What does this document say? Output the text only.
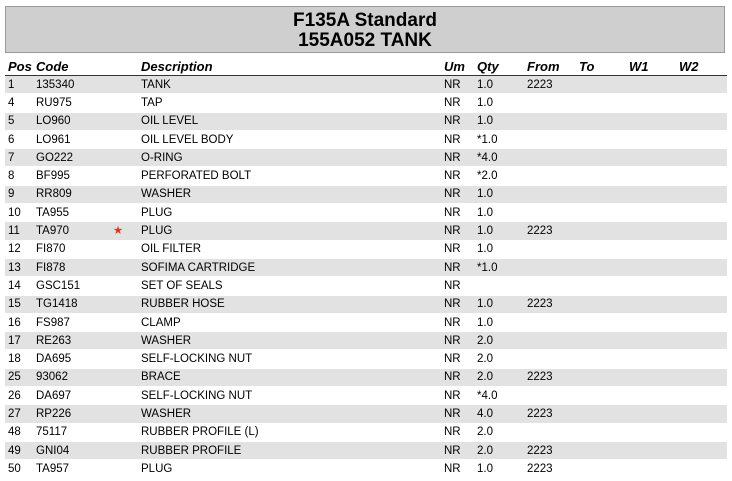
F135A Standard
155A052 TANK
Pos	Code		Description	Um	Qty	From	To	W1	W2
1	135340		TANK	NR	1.0	2223			
4	RU975		TAP	NR	1.0				
5	LO960		OIL LEVEL	NR	1.0				
6	LO961		OIL LEVEL BODY	NR	*1.0				
7	GO222		O-RING	NR	*4.0				
8	BF995		PERFORATED BOLT	NR	*2.0				
9	RR809		WASHER	NR	1.0				
10	TA955		PLUG	NR	1.0				
11	TA970	★	PLUG	NR	1.0	2223			
12	FI870		OIL FILTER	NR	1.0				
13	FI878		SOFIMA CARTRIDGE	NR	*1.0				
14	GSC151		SET OF SEALS	NR					
15	TG1418		RUBBER HOSE	NR	1.0	2223			
16	FS987		CLAMP	NR	1.0				
17	RE263		WASHER	NR	2.0				
18	DA695		SELF-LOCKING NUT	NR	2.0				
25	93062		BRACE	NR	2.0	2223			
26	DA697		SELF-LOCKING NUT	NR	*4.0				
27	RP226		WASHER	NR	4.0	2223			
48	75117		RUBBER PROFILE (L)	NR	2.0				
49	GNI04		RUBBER PROFILE	NR	2.0	2223			
50	TA957		PLUG	NR	1.0	2223			
